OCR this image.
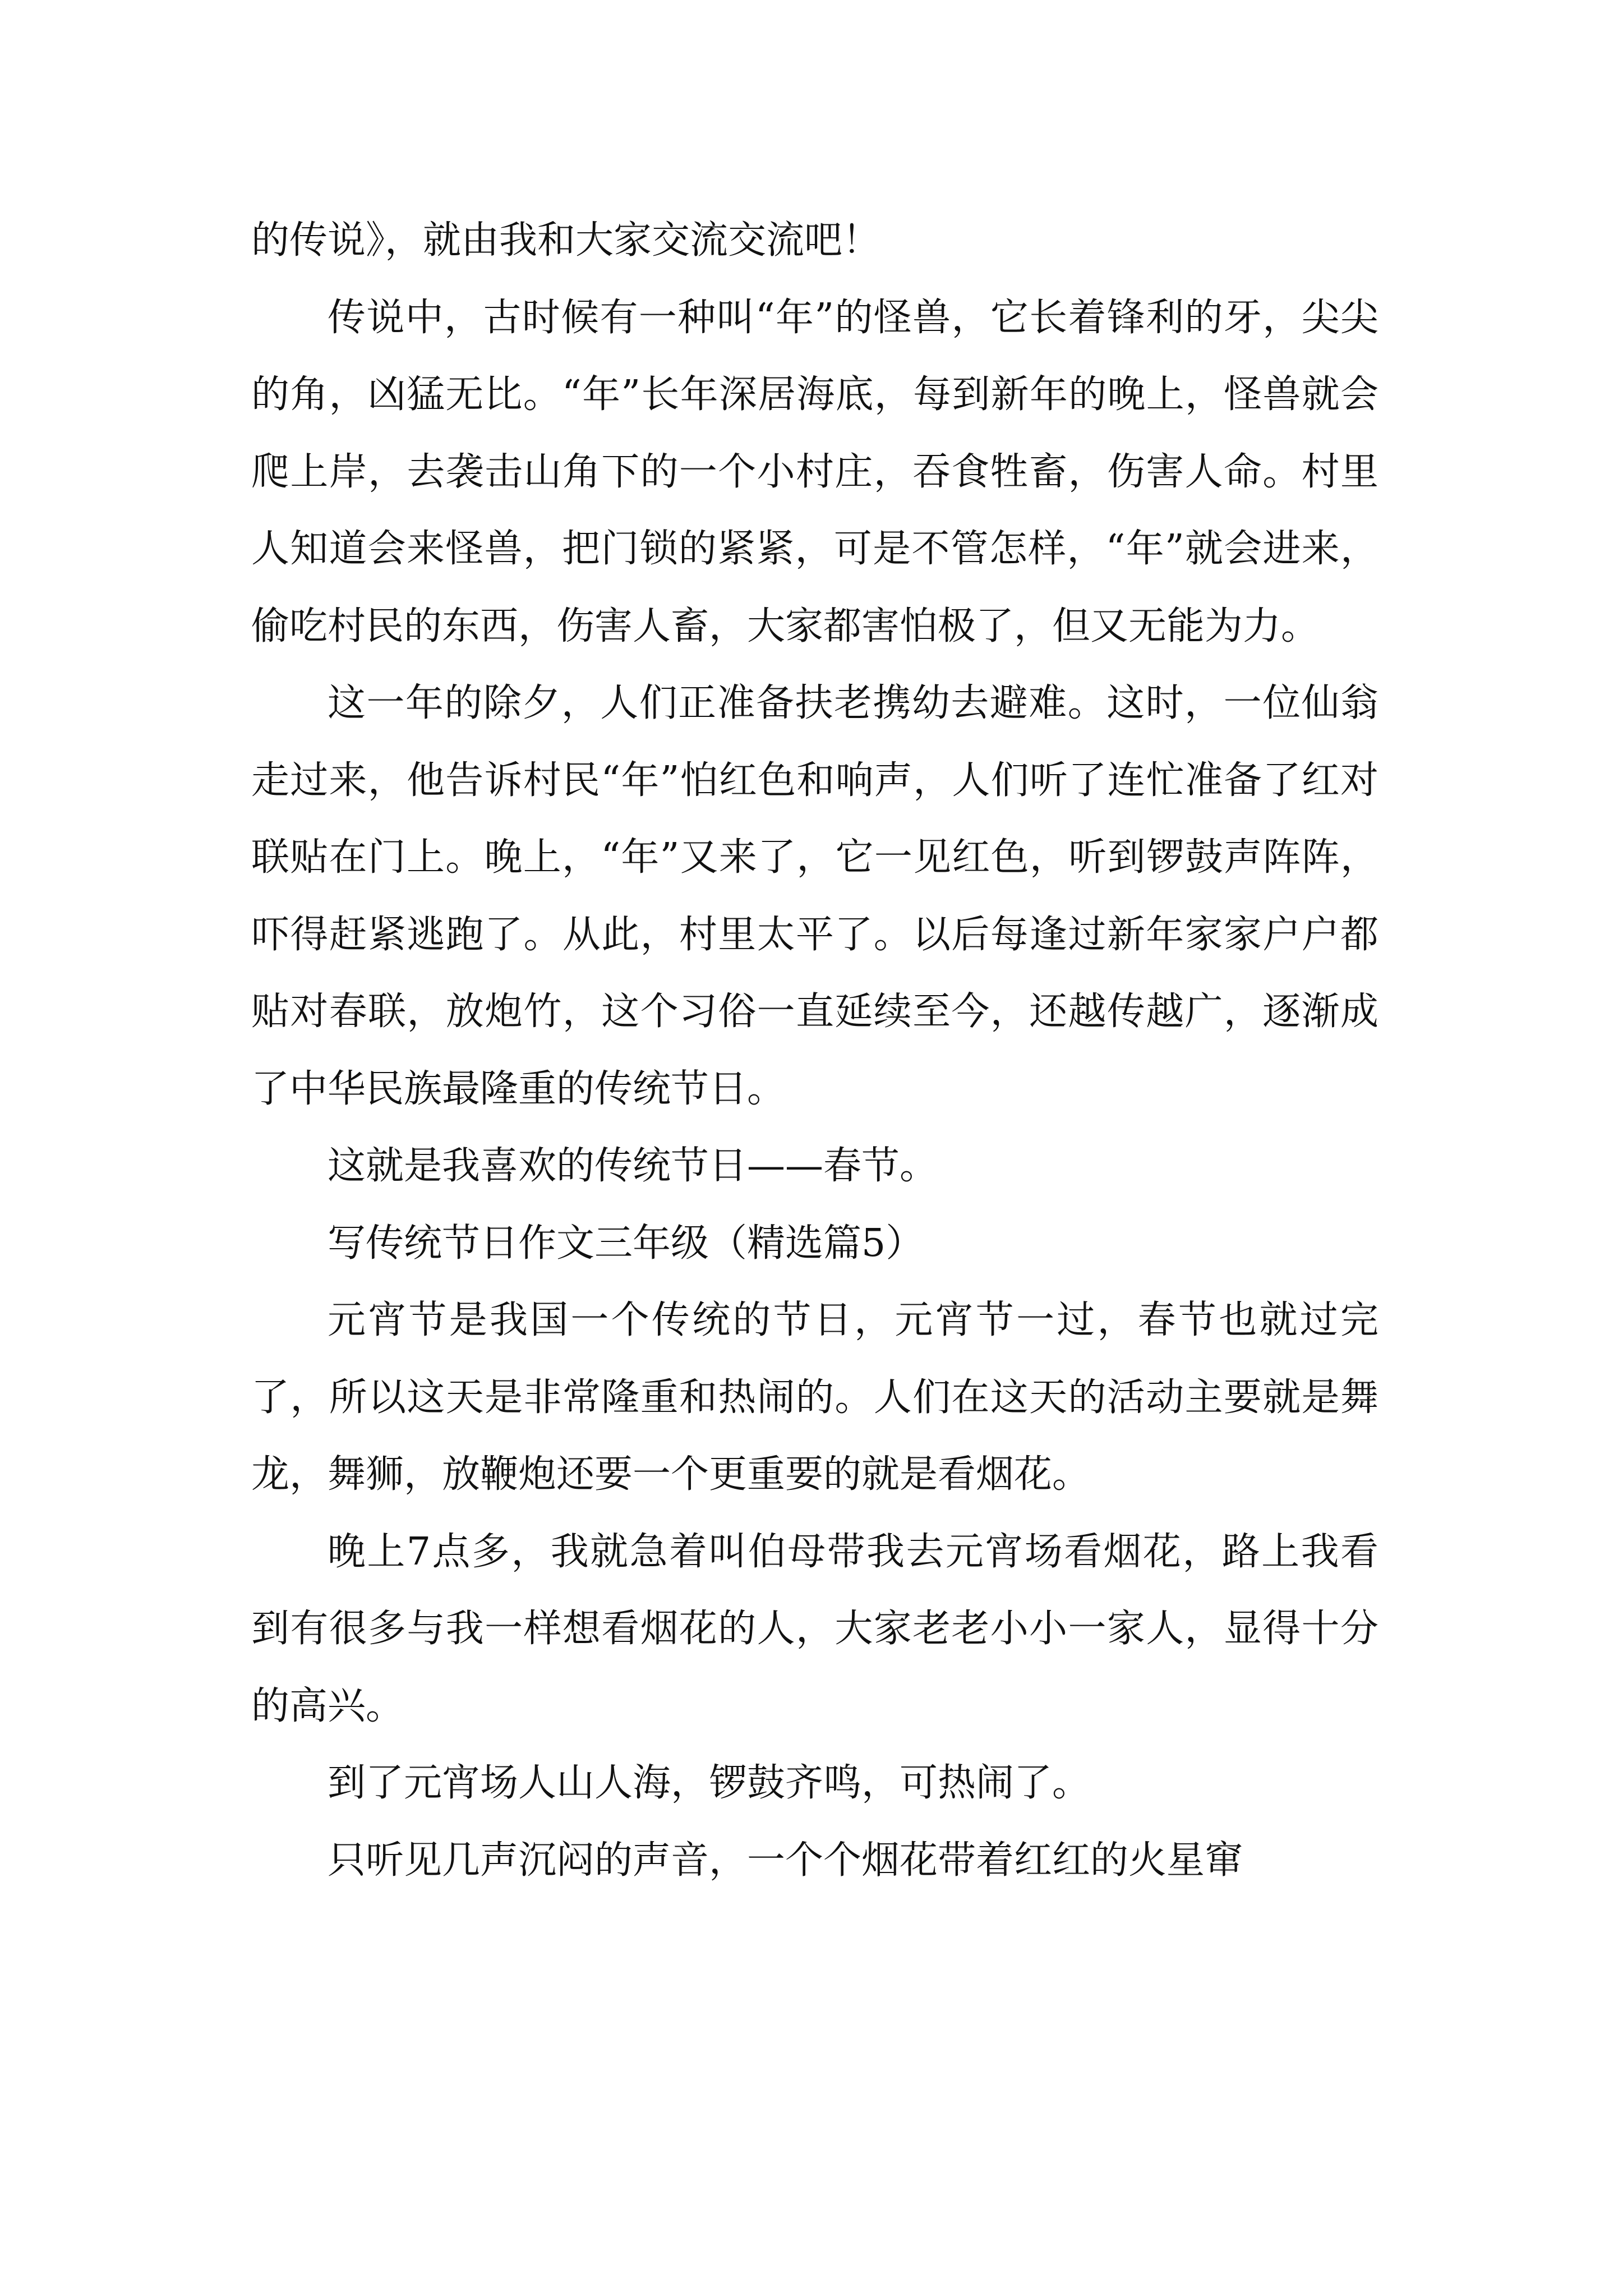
的传说》，就由我和大家交流交流吧！

传说中，古时候有一种叫“年”的怪兽，它长着锋利的牙，尖尖的角，凶猛无比。“年”长年深居海底，每到新年的晚上，怪兽就会爬上岸，去袭击山角下的一个小村庄，吞食牲畜，伤害人命。村里人知道会来怪兽，把门锁的紧紧，可是不管怎样，“年”就会进来，偷吃村民的东西，伤害人畜，大家都害怕极了，但又无能为力。

这一年的除夕，人们正准备扶老携幼去避难。这时，一位仙翁走过来，他告诉村民“年”怕红色和响声，人们听了连忙准备了红对联贴在门上。晚上，“年”又来了，它一见红色，听到锣鼓声阵阵，吓得赶紧逃跑了。从此，村里太平了。以后每逢过新年家家户户都贴对春联，放炮竹，这个习俗一直延续至今，还越传越广，逐渐成了中华民族最隆重的传统节日。

这就是我喜欢的传统节日——春节。

写传统节日作文三年级（精选篇5）

元宵节是我国一个传统的节日，元宵节一过，春节也就过完了，所以这天是非常隆重和热闹的。人们在这天的活动主要就是舞龙，舞狮，放鞭炮还要一个更重要的就是看烟花。

晚上7点多，我就急着叫伯母带我去元宵场看烟花，路上我看到有很多与我一样想看烟花的人，大家老老小小一家人，显得十分的高兴。

到了元宵场人山人海，锣鼓齐鸣，可热闹了。

只听见几声沉闷的声音，一个个烟花带着红红的火星窜
